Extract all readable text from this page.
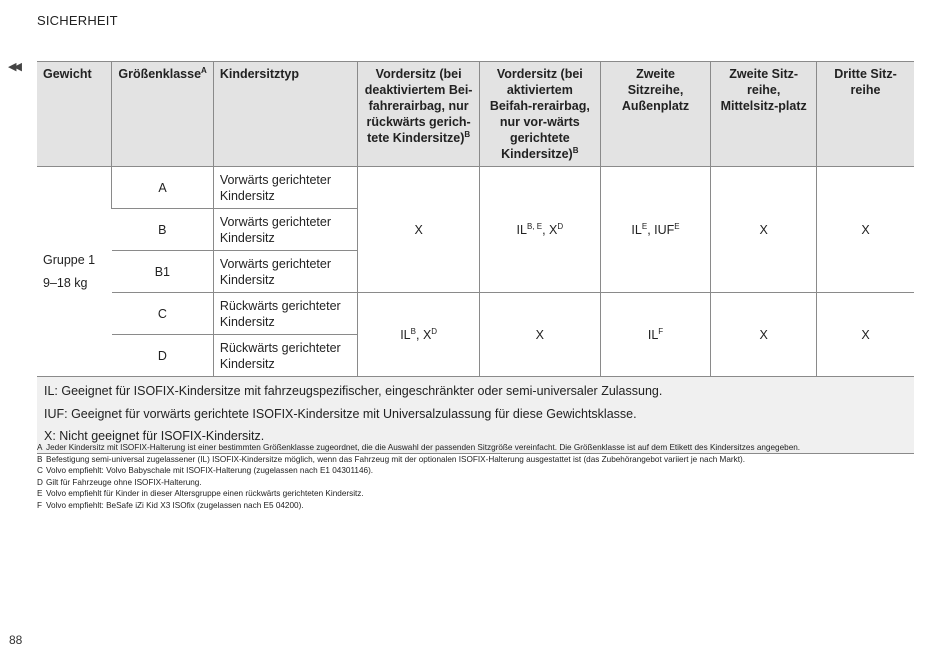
SICHERHEIT
◀◀ Gewicht	Größenklasse$^A$	Kindersitztyp	Vordersitz (bei deaktiviertem Bei-fahrerairbag, nur rückwärts gerich-tete Kindersitze)$^B$	Vordersitz (bei aktiviertem Beifah-rerairbag, nur vor-wärts gerichtete Kindersitze)$^B$	Zweite Sitzreihe, Außenplatz	Zweite Sitz-reihe, Mittelsitz-platz	Dritte Sitz-reihe

Gruppe 1
9–18 kg	A	Vorwärts gerichteter Kindersitz	X	$IL^{B, E}$, $X^D$	$IL^E$, $IUF^E$	X	X
	B	Vorwärts gerichteter Kindersitz					
	B1	Vorwärts gerichteter Kindersitz					
	C	Rückwärts gerichteter Kindersitz	$IL^B$, $X^D$	X	$IL^F$	X	X
	D	Rückwärts gerichteter Kindersitz					

IL: Geeignet für ISOFIX-Kindersitze mit fahrzeugspezifischer, eingeschränkter oder semi-universaler Zulassung.
IUF: Geeignet für vorwärts gerichtete ISOFIX-Kindersitze mit Universalzulassung für diese Gewichtsklasse.
X: Nicht geeignet für ISOFIX-Kindersitz.							
A Jeder Kindersitz mit ISOFIX-Halterung ist einer bestimmten Größenklasse zugeordnet, die die Auswahl der passenden Sitzgröße vereinfacht. Die Größenklasse ist auf dem Etikett des Kindersitzes angegeben.
B Befestigung semi-universal zugelassener (IL) ISOFIX-Kindersitze möglich, wenn das Fahrzeug mit der optionalen ISOFIX-Halterung ausgestattet ist (das Zubehörangebot variiert je nach Markt).
C Volvo empfiehlt: Volvo Babyschale mit ISOFIX-Halterung (zugelassen nach E1 04301146).
D Gilt für Fahrzeuge ohne ISOFIX-Halterung.
E Volvo empfiehlt für Kinder in dieser Altersgruppe einen rückwärts gerichteten Kindersitz.
F Volvo empfiehlt: BeSafe iZi Kid X3 ISOfix (zugelassen nach E5 04200).
88
